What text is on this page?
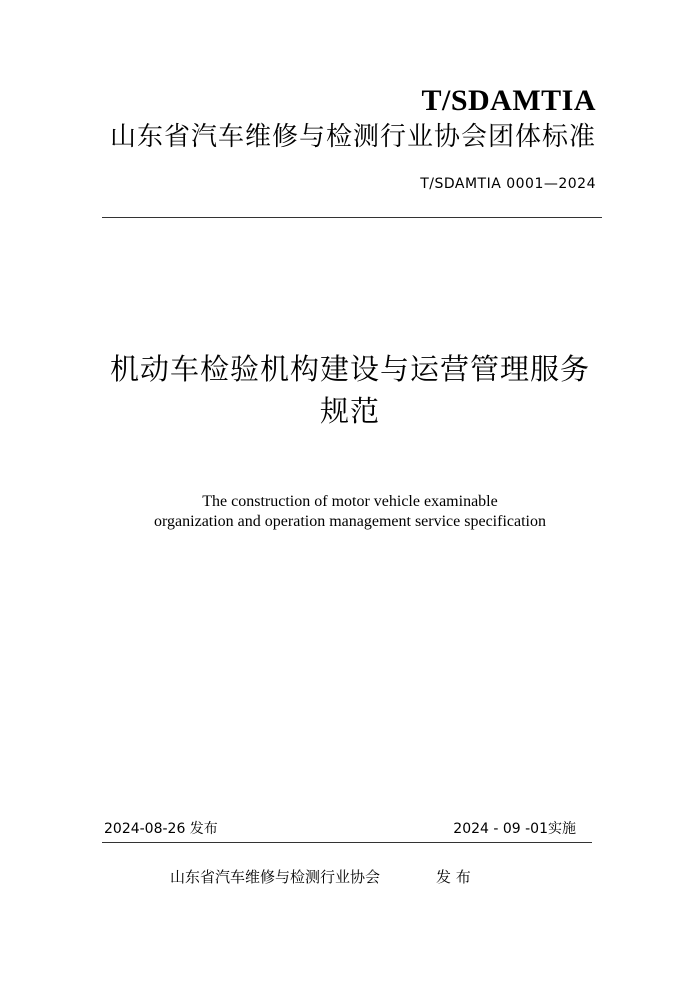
T/SDAMTIA
山东省汽车维修与检测行业协会团体标准
T/SDAMTIA 0001—2024
机动车检验机构建设与运营管理服务
规范
The construction of motor vehicle examinable
organization and operation management service specification
2024-08-26 发布	2024 - 09 -01实施
山东省汽车维修与检测行业协会	发 布
